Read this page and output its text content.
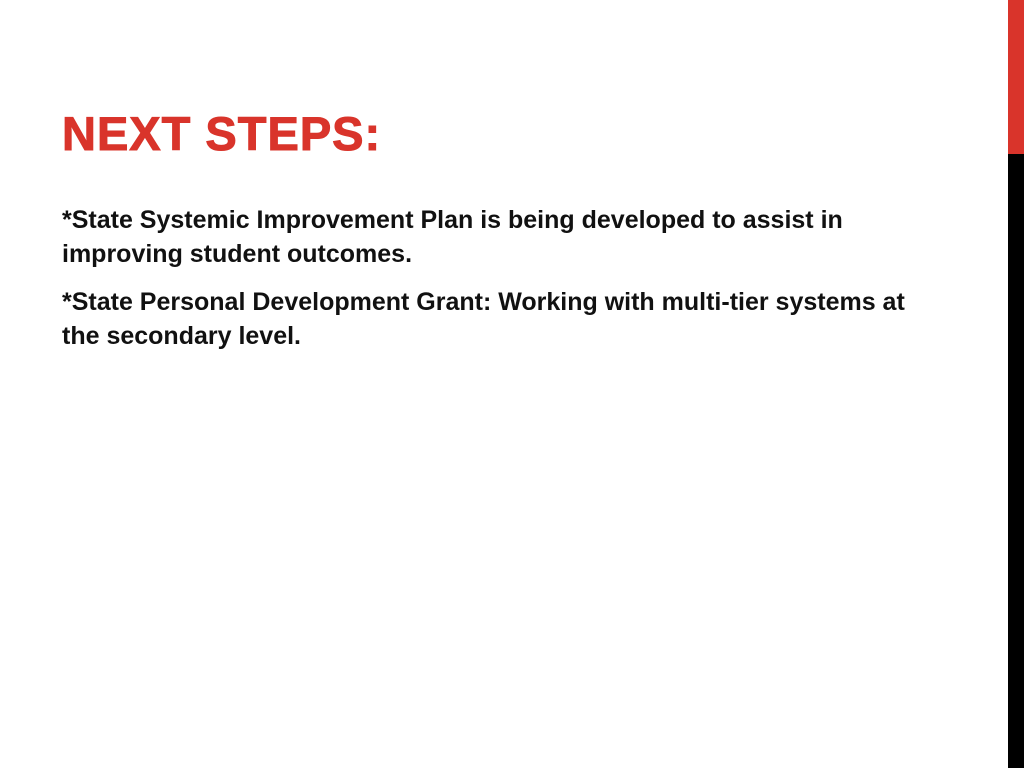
NEXT STEPS:

*State Systemic Improvement Plan is being developed to assist in improving student outcomes.

*State Personal Development Grant: Working with multi-tier systems at the secondary level.
